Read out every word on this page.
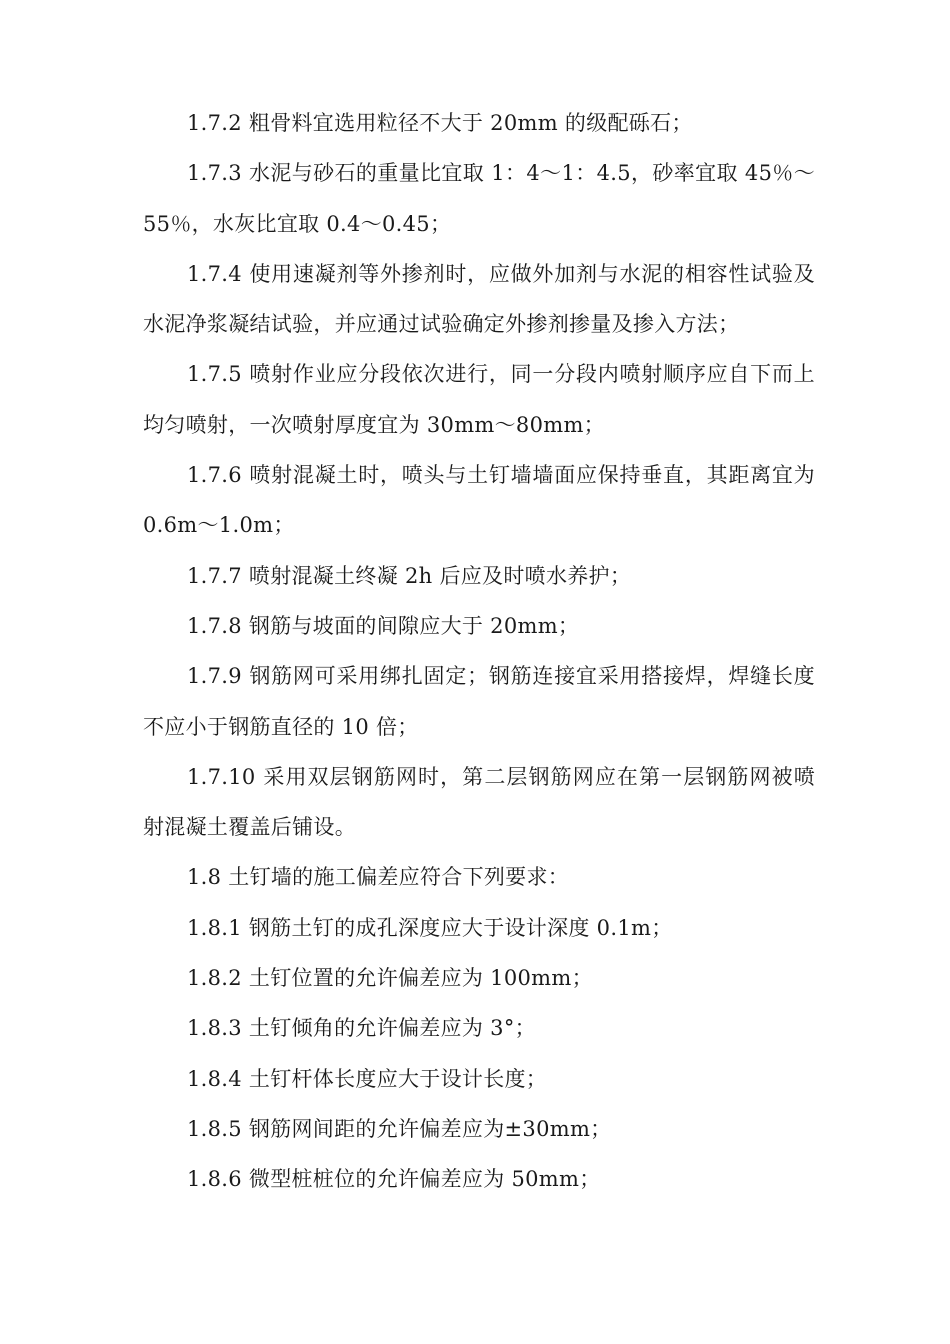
1.7.2 粗骨料宜选用粒径不大于 20mm 的级配砾石；

1.7.3 水泥与砂石的重量比宜取 1：4～1：4.5，砂率宜取 45％～55％，水灰比宜取 0.4～0.45；

1.7.4 使用速凝剂等外掺剂时，应做外加剂与水泥的相容性试验及水泥净浆凝结试验，并应通过试验确定外掺剂掺量及掺入方法；

1.7.5 喷射作业应分段依次进行，同一分段内喷射顺序应自下而上均匀喷射，一次喷射厚度宜为 30mm～80mm；

1.7.6 喷射混凝土时，喷头与土钉墙墙面应保持垂直，其距离宜为 0.6m～1.0m；

1.7.7 喷射混凝土终凝 2h 后应及时喷水养护；

1.7.8 钢筋与坡面的间隙应大于 20mm；

1.7.9 钢筋网可采用绑扎固定；钢筋连接宜采用搭接焊，焊缝长度不应小于钢筋直径的 10 倍；

1.7.10 采用双层钢筋网时，第二层钢筋网应在第一层钢筋网被喷射混凝土覆盖后铺设。

1.8 土钉墙的施工偏差应符合下列要求：

1.8.1 钢筋土钉的成孔深度应大于设计深度 0.1m；

1.8.2 土钉位置的允许偏差应为 100mm；

1.8.3 土钉倾角的允许偏差应为 3°；

1.8.4 土钉杆体长度应大于设计长度；

1.8.5 钢筋网间距的允许偏差应为±30mm；

1.8.6 微型桩桩位的允许偏差应为 50mm；
